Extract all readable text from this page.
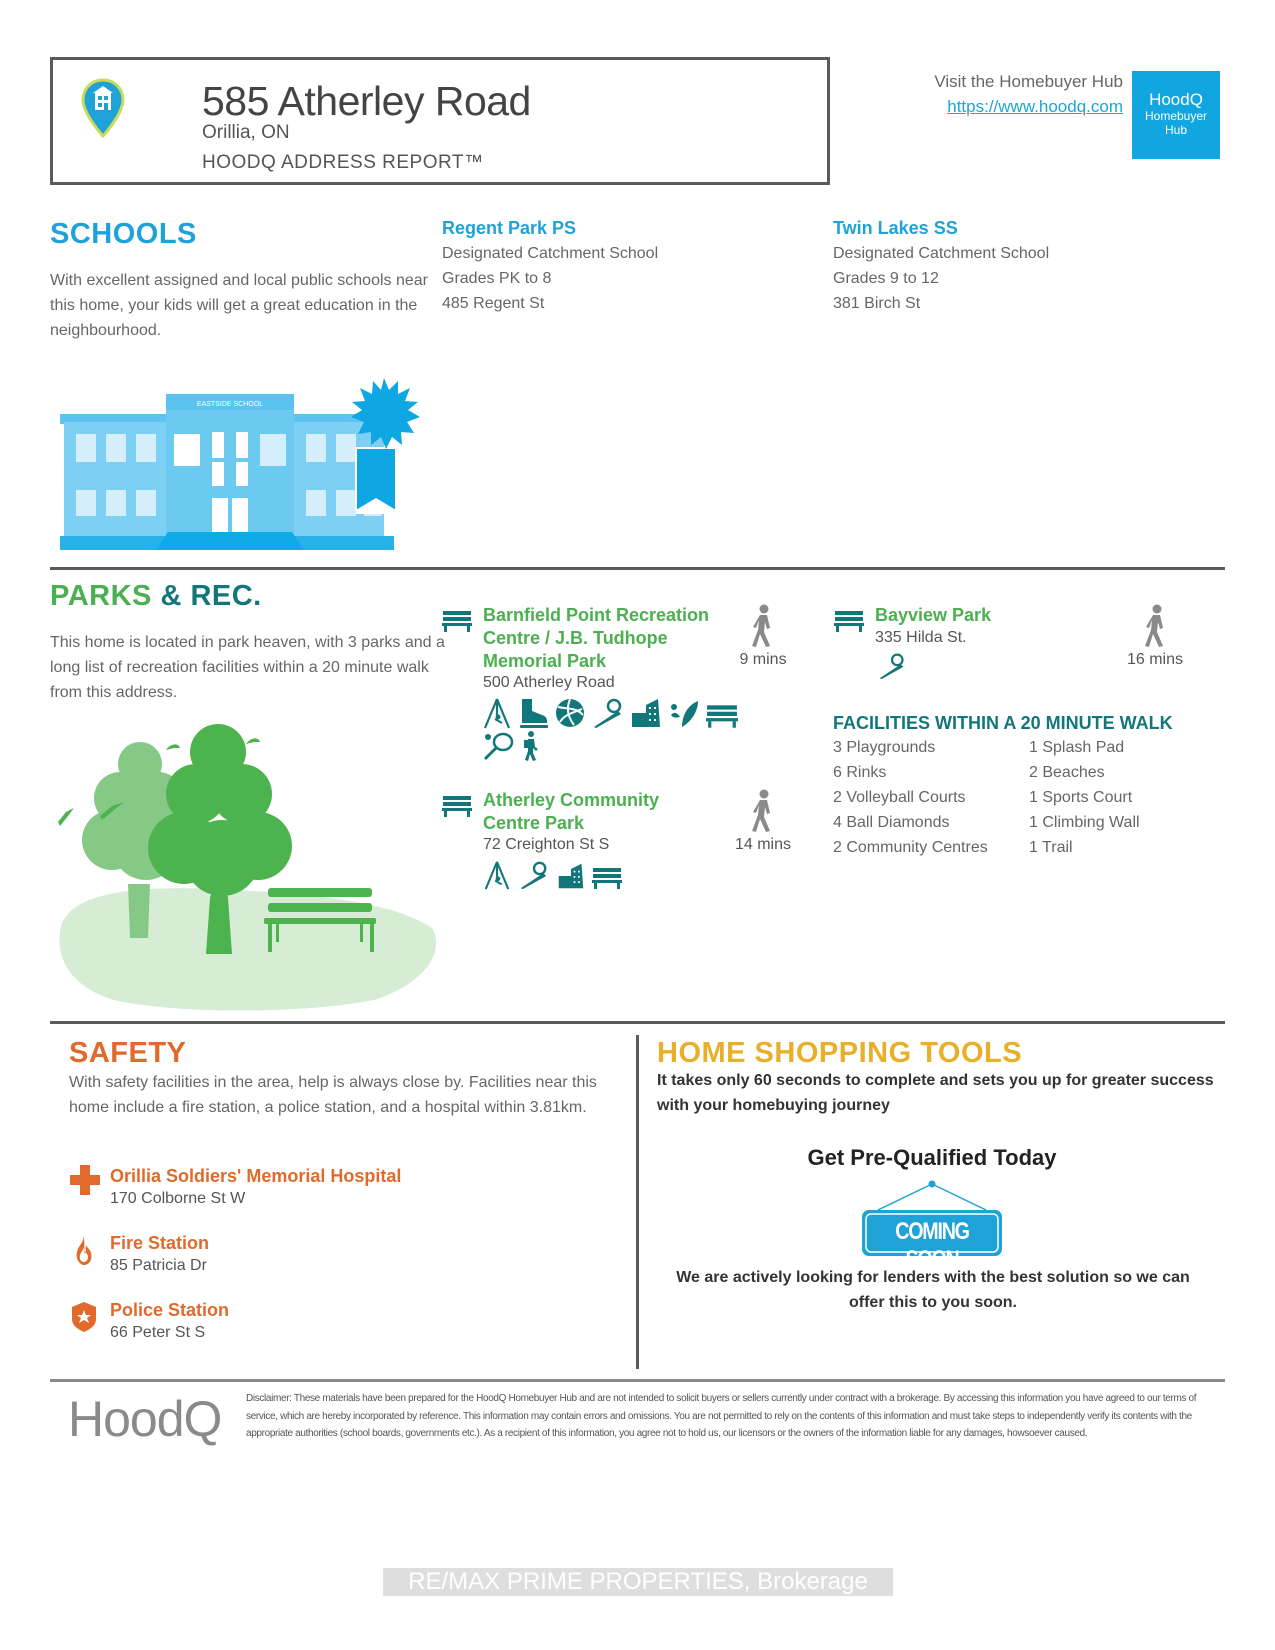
585 Atherley Road
Orillia, ON
HOODQ ADDRESS REPORT™
Visit the Homebuyer Hub
https://www.hoodq.com	HoodQ
Homebuyer
Hub
SCHOOLS
With excellent assigned and local public schools near this home, your kids will get a great education in the neighbourhood.
Regent Park PS
Designated Catchment School
Grades PK to 8
485 Regent St
Twin Lakes SS
Designated Catchment School
Grades 9 to 12
381 Birch St
EASTSIDE SCHOOL
PARKS & REC.
This home is located in park heaven, with 3 parks and a long list of recreation facilities within a 20 minute walk from this address.
Barnfield Point Recreation Centre / J.B. Tudhope Memorial Park
500 Atherley Road
9 mins
Atherley Community Centre Park
72 Creighton St S	14 mins
Bayview Park
335 Hilda St.
16 mins
FACILITIES WITHIN A 20 MINUTE WALK
3 Playgrounds
6 Rinks
2 Volleyball Courts
4 Ball Diamonds
2 Community Centres
1 Splash Pad
2 Beaches
1 Sports Court
1 Climbing Wall
1 Trail
SAFETY
With safety facilities in the area, help is always close by. Facilities near this home include a fire station, a police station, and a hospital within 3.81km.
Orillia Soldiers' Memorial Hospital
170 Colborne St W
Fire Station
85 Patricia Dr
Police Station
66 Peter St S
HOME SHOPPING TOOLS
It takes only 60 seconds to complete and sets you up for greater success with your homebuying journey
Get Pre-Qualified Today
COMING SOON
We are actively looking for lenders with the best solution so we can offer this to you soon.
HoodQ Disclaimer: These materials have been prepared for the HoodQ Homebuyer Hub and are not intended to solicit buyers or sellers currently under contract with a brokerage. By accessing this information you have agreed to our terms of service, which are hereby incorporated by reference. This information may contain errors and omissions. You are not permitted to rely on the contents of this information and must take steps to independently verify its contents with the appropriate authorities (school boards, governments etc.). As a recipient of this information, you agree not to hold us, our licensors or the owners of the information liable for any damages, howsoever caused.
RE/MAX PRIME PROPERTIES, Brokerage
